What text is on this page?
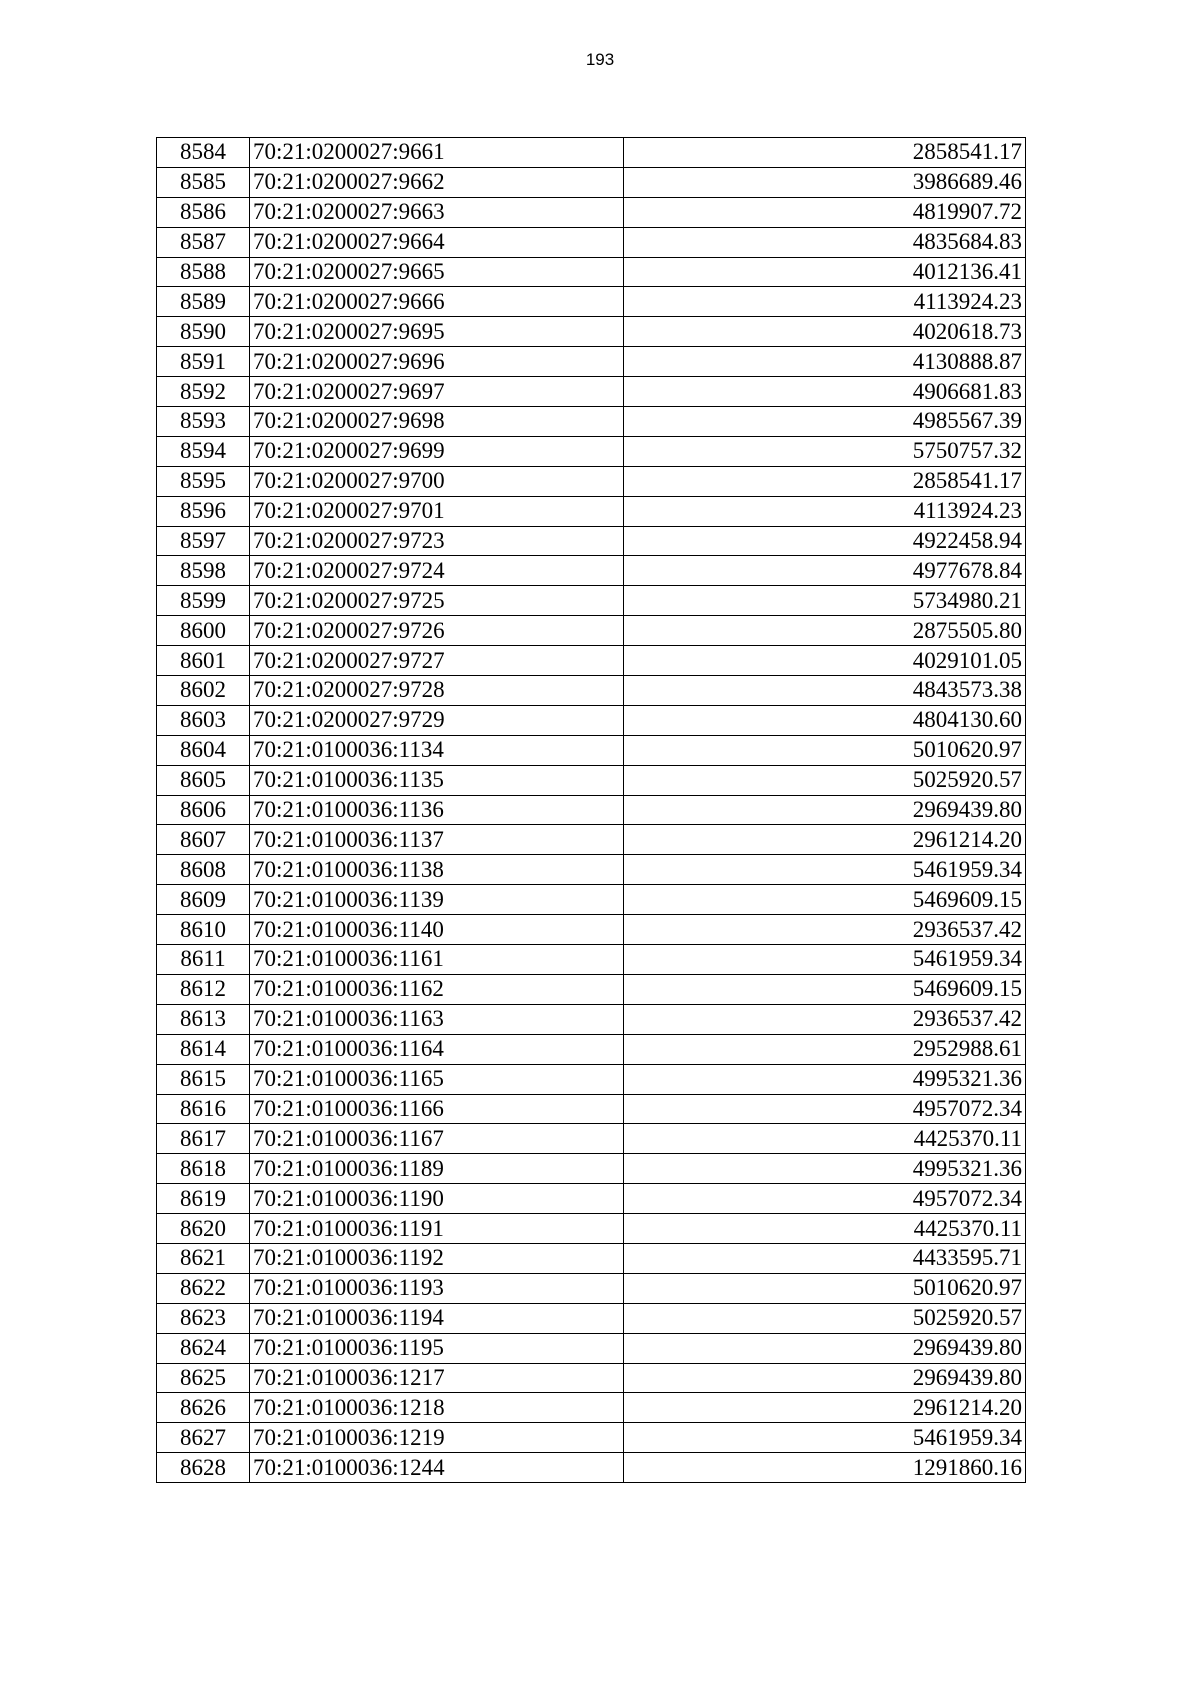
193
8584	70:21:0200027:9661	2858541.17
8585	70:21:0200027:9662	3986689.46
8586	70:21:0200027:9663	4819907.72
8587	70:21:0200027:9664	4835684.83
8588	70:21:0200027:9665	4012136.41
8589	70:21:0200027:9666	4113924.23
8590	70:21:0200027:9695	4020618.73
8591	70:21:0200027:9696	4130888.87
8592	70:21:0200027:9697	4906681.83
8593	70:21:0200027:9698	4985567.39
8594	70:21:0200027:9699	5750757.32
8595	70:21:0200027:9700	2858541.17
8596	70:21:0200027:9701	4113924.23
8597	70:21:0200027:9723	4922458.94
8598	70:21:0200027:9724	4977678.84
8599	70:21:0200027:9725	5734980.21
8600	70:21:0200027:9726	2875505.80
8601	70:21:0200027:9727	4029101.05
8602	70:21:0200027:9728	4843573.38
8603	70:21:0200027:9729	4804130.60
8604	70:21:0100036:1134	5010620.97
8605	70:21:0100036:1135	5025920.57
8606	70:21:0100036:1136	2969439.80
8607	70:21:0100036:1137	2961214.20
8608	70:21:0100036:1138	5461959.34
8609	70:21:0100036:1139	5469609.15
8610	70:21:0100036:1140	2936537.42
8611	70:21:0100036:1161	5461959.34
8612	70:21:0100036:1162	5469609.15
8613	70:21:0100036:1163	2936537.42
8614	70:21:0100036:1164	2952988.61
8615	70:21:0100036:1165	4995321.36
8616	70:21:0100036:1166	4957072.34
8617	70:21:0100036:1167	4425370.11
8618	70:21:0100036:1189	4995321.36
8619	70:21:0100036:1190	4957072.34
8620	70:21:0100036:1191	4425370.11
8621	70:21:0100036:1192	4433595.71
8622	70:21:0100036:1193	5010620.97
8623	70:21:0100036:1194	5025920.57
8624	70:21:0100036:1195	2969439.80
8625	70:21:0100036:1217	2969439.80
8626	70:21:0100036:1218	2961214.20
8627	70:21:0100036:1219	5461959.34
8628	70:21:0100036:1244	1291860.16
